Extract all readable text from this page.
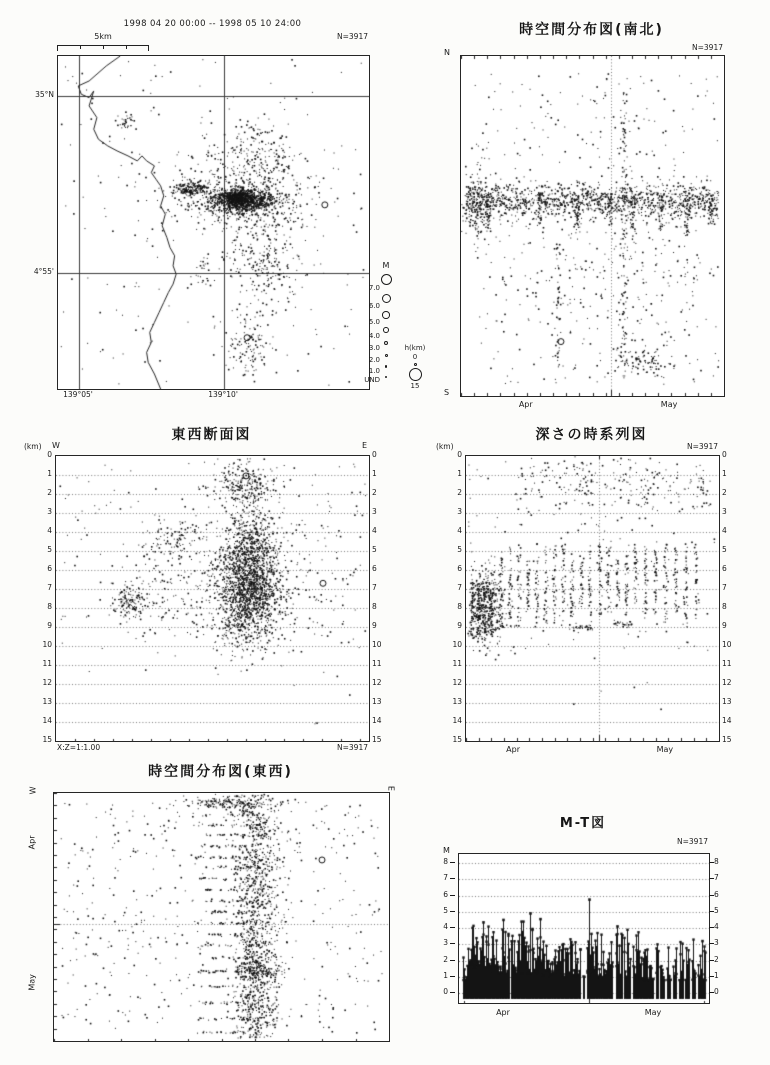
1998 04 20 00:00 -- 1998 05 10 24:00
5km	N=3917	時空間分布図(南北)
N=3917
N
S
東西断面図
(km) W	E
X:Z=1:1.00	N=3917
深さの時系列図
(km)	N=3917
時空間分布図(東西)
W	E
M-T図
M
N=3917
35°N
4°55'
139°05'	139°10'
M
7.0
6.0
5.0
4.0
3.0
2.0
1.0
UND
h(km)
0
15
Apr	May
0	0
1	1
2	2
3	3
4	4
5	5
6	6
7	7
8	8
9	9
10	10
11	11
12	12
13	13
14	14
15	15
0	0
1	1
2	2
3	3
4	4
5	5
6	6
7	7
8	8
9	9
10	10
11	11
12	12
13	13
14	14
15	15
Apr	May
Apr
May
8	8
7	7
6	6
5	5
4	4
3	3
2	2
1	1
0	0
Apr	May
